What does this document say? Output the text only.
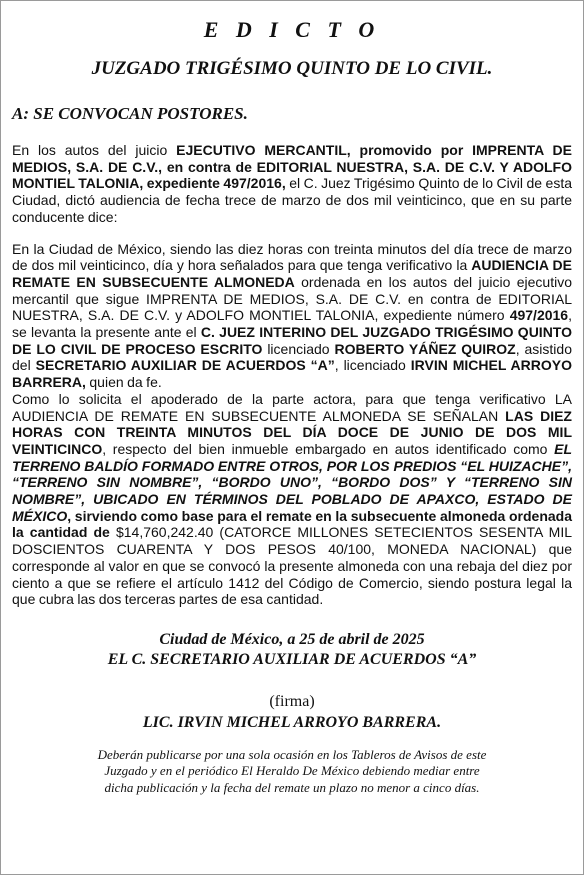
E D I C T O
JUZGADO TRIGÉSIMO QUINTO DE LO CIVIL.
A: SE CONVOCAN POSTORES.

En los autos del juicio EJECUTIVO MERCANTIL, promovido por IMPRENTA DE MEDIOS, S.A. DE C.V., en contra de EDITORIAL NUESTRA, S.A. DE C.V. Y ADOLFO MONTIEL TALONIA, expediente 497/2016, el C. Juez Trigésimo Quinto de lo Civil de esta Ciudad, dictó audiencia de fecha trece de marzo de dos mil veinticinco, que en su parte conducente dice:

En la Ciudad de México, siendo las diez horas con treinta minutos del día trece de marzo de dos mil veinticinco, día y hora señalados para que tenga verificativo la AUDIENCIA DE REMATE EN SUBSECUENTE ALMONEDA ordenada en los autos del juicio ejecutivo mercantil que sigue IMPRENTA DE MEDIOS, S.A. DE C.V. en contra de EDITORIAL NUESTRA, S.A. DE C.V. y ADOLFO MONTIEL TALONIA, expediente número 497/2016, se levanta la presente ante el C. JUEZ INTERINO DEL JUZGADO TRIGÉSIMO QUINTO DE LO CIVIL DE PROCESO ESCRITO licenciado ROBERTO YÁÑEZ QUIROZ, asistido del SECRETARIO AUXILIAR DE ACUERDOS “A”, licenciado IRVIN MICHEL ARROYO BARRERA, quien da fe.

Como lo solicita el apoderado de la parte actora, para que tenga verificativo LA AUDIENCIA DE REMATE EN SUBSECUENTE ALMONEDA SE SEÑALAN LAS DIEZ HORAS CON TREINTA MINUTOS DEL DÍA DOCE DE JUNIO DE DOS MIL VEINTICINCO, respecto del bien inmueble embargado en autos identificado como EL TERRENO BALDÍO FORMADO ENTRE OTROS, POR LOS PREDIOS “EL HUIZACHE”, “TERRENO SIN NOMBRE”, “BORDO UNO”, “BORDO DOS” Y “TERRENO SIN NOMBRE”, UBICADO EN TÉRMINOS DEL POBLADO DE APAXCO, ESTADO DE MÉXICO, sirviendo como base para el remate en la subsecuente almoneda ordenada la cantidad de $14,760,242.40 (CATORCE MILLONES SETECIENTOS SESENTA MIL DOSCIENTOS CUARENTA Y DOS PESOS 40/100, MONEDA NACIONAL) que corresponde al valor en que se convocó la presente almoneda con una rebaja del diez por ciento a que se refiere el artículo 1412 del Código de Comercio, siendo postura legal la que cubra las dos terceras partes de esa cantidad.

Ciudad de México, a 25 de abril de 2025
EL C. SECRETARIO AUXILIAR DE ACUERDOS “A”
(firma)
LIC. IRVIN MICHEL ARROYO BARRERA.
Deberán publicarse por una sola ocasión en los Tableros de Avisos de este Juzgado y en el periódico El Heraldo De México debiendo mediar entre dicha publicación y la fecha del remate un plazo no menor a cinco días.
